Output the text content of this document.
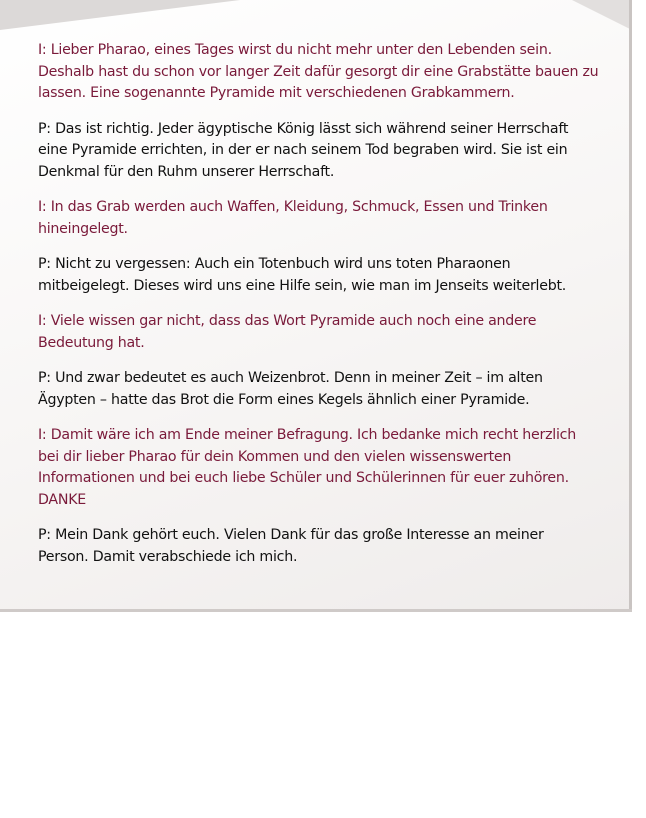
I: Lieber Pharao, eines Tages wirst du nicht mehr unter den Lebenden sein.
Deshalb hast du schon vor langer Zeit dafür gesorgt dir eine Grabstätte bauen zu
lassen. Eine sogenannte Pyramide mit verschiedenen Grabkammern.

P: Das ist richtig. Jeder ägyptische König lässt sich während seiner Herrschaft
eine Pyramide errichten, in der er nach seinem Tod begraben wird. Sie ist ein
Denkmal für den Ruhm unserer Herrschaft.

I: In das Grab werden auch Waffen, Kleidung, Schmuck, Essen und Trinken
hineingelegt.

P: Nicht zu vergessen: Auch ein Totenbuch wird uns toten Pharaonen
mitbeigelegt. Dieses wird uns eine Hilfe sein, wie man im Jenseits weiterlebt.

I: Viele wissen gar nicht, dass das Wort Pyramide auch noch eine andere
Bedeutung hat.

P: Und zwar bedeutet es auch Weizenbrot. Denn in meiner Zeit – im alten
Ägypten – hatte das Brot die Form eines Kegels ähnlich einer Pyramide.

I: Damit wäre ich am Ende meiner Befragung. Ich bedanke mich recht herzlich
bei dir lieber Pharao für dein Kommen und den vielen wissenswerten
Informationen und bei euch liebe Schüler und Schülerinnen für euer zuhören.
DANKE

P: Mein Dank gehört euch. Vielen Dank für das große Interesse an meiner
Person. Damit verabschiede ich mich.
